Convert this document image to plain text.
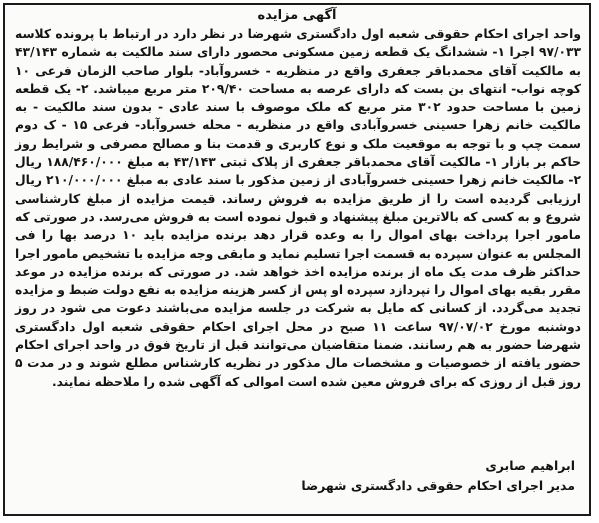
آگهی مزایده

واحد اجرای احکام حقوقی شعبه اول دادگستری شهرضا در نظر دارد در ارتباط با پرونده کلاسه ۹۷/۰۳۳ اجرا ۱- ششدانگ یک قطعه زمین مسکونی محصور دارای سند مالکیت به شماره ۴۳/۱۴۳ به مالکیت آقای محمدباقر جعفری واقع در منظریه - خسروآباد- بلوار صاحب الزمان فرعی ۱۰ کوچه نواب- انتهای بن بست که دارای عرصه به مساحت ۲۰۹/۴۰ متر مربع میباشد. ۲- یک قطعه زمین با مساحت حدود ۳۰۲ متر مربع که ملک موصوف با سند عادی - بدون سند مالکیت - به مالکیت خانم زهرا حسینی خسروآبادی واقع در منظریه - محله خسروآباد- فرعی ۱۵ - ک دوم سمت چپ و با توجه به موقعیت ملک و نوع کاربری و قدمت بنا و مصالح مصرفی و شرایط روز حاکم بر بازار ۱- مالکیت آقای محمدباقر جعفری از پلاک ثبتی ۴۳/۱۴۳ به مبلغ ۱۸۸/۴۶۰/۰۰۰ ریال ۲- مالکیت خانم زهرا حسینی خسروآبادی از زمین مذکور با سند عادی به مبلغ ۲۱۰/۰۰۰/۰۰۰ ریال ارزیابی گردیده است را از طریق مزایده به فروش رساند. قیمت مزایده از مبلغ کارشناسی شروع و به کسی که بالاترین مبلغ پیشنهاد و قبول نموده است به فروش می‌رسد. در صورتی که مامور اجرا پرداخت بهای اموال را به وعده قرار دهد برنده مزایده باید ۱۰ درصد بها را فی المجلس به عنوان سپرده به قسمت اجرا تسلیم نماید و مابقی وجه مزایده با تشخیص مامور اجرا حداکثر ظرف مدت یک ماه از برنده مزایده اخذ خواهد شد. در صورتی که برنده مزایده در موعد مقرر بقیه بهای اموال را نپردازد سپرده او پس از کسر هزینه مزایده به نفع دولت ضبط و مزایده تجدید می‌گردد. از کسانی که مایل به شرکت در جلسه مزایده می‌باشند دعوت می شود در روز دوشنبه مورخ ۹۷/۰۷/۰۲ ساعت ۱۱ صبح در محل اجرای احکام حقوقی شعبه اول دادگستری شهرضا حضور به هم رسانند. ضمنا متقاضیان می‌توانند قبل از تاریخ فوق در واحد اجرای احکام حضور یافته از خصوصیات و مشخصات مال مذکور در نظریه کارشناس مطلع شوند و در مدت ۵ روز قبل از روزی که برای فروش معین شده است اموالی که آگهی شده را ملاحظه نمایند.

ابراهیم صابری
مدیر اجرای احکام حقوقی دادگستری شهرضا
